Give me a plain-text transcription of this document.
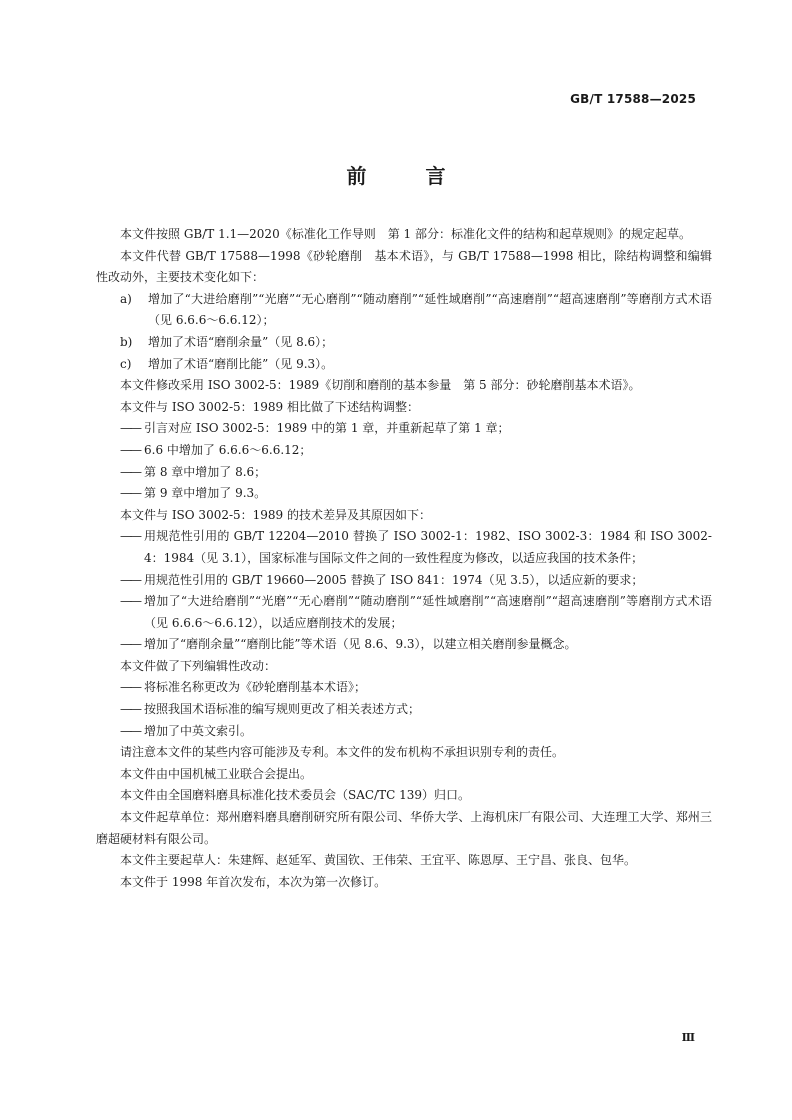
GB/T 17588—2025
前 言

本文件按照 GB/T 1.1—2020《标准化工作导则　第 1 部分：标准化文件的结构和起草规则》的规定起草。

本文件代替 GB/T 17588—1998《砂轮磨削　基本术语》，与 GB/T 17588—1998 相比，除结构调整和编辑性改动外，主要技术变化如下：

a)	增加了“大进给磨削”“光磨”“无心磨削”“随动磨削”“延性域磨削”“高速磨削”“超高速磨削”等磨削方式术语（见 6.6.6～6.6.12）；
b)	增加了术语“磨削余量”（见 8.6）；
c)	增加了术语“磨削比能”（见 9.3）。

本文件修改采用 ISO 3002-5：1989《切削和磨削的基本参量　第 5 部分：砂轮磨削基本术语》。

本文件与 ISO 3002-5：1989 相比做了下述结构调整：

—— 引言对应 ISO 3002-5：1989 中的第 1 章，并重新起草了第 1 章；
—— 6.6 中增加了 6.6.6～6.6.12；
—— 第 8 章中增加了 8.6；
—— 第 9 章中增加了 9.3。

本文件与 ISO 3002-5：1989 的技术差异及其原因如下：

—— 用规范性引用的 GB/T 12204—2010 替换了 ISO 3002-1：1982、ISO 3002-3：1984 和 ISO 3002-4：1984（见 3.1），国家标准与国际文件之间的一致性程度为修改，以适应我国的技术条件；
—— 用规范性引用的 GB/T 19660—2005 替换了 ISO 841：1974（见 3.5），以适应新的要求；
—— 增加了“大进给磨削”“光磨”“无心磨削”“随动磨削”“延性域磨削”“高速磨削”“超高速磨削”等磨削方式术语（见 6.6.6～6.6.12），以适应磨削技术的发展；
—— 增加了“磨削余量”“磨削比能”等术语（见 8.6、9.3），以建立相关磨削参量概念。

本文件做了下列编辑性改动：

—— 将标准名称更改为《砂轮磨削基本术语》；
—— 按照我国术语标准的编写规则更改了相关表述方式；
—— 增加了中英文索引。

请注意本文件的某些内容可能涉及专利。本文件的发布机构不承担识别专利的责任。

本文件由中国机械工业联合会提出。

本文件由全国磨料磨具标准化技术委员会（SAC/TC 139）归口。

本文件起草单位：郑州磨料磨具磨削研究所有限公司、华侨大学、上海机床厂有限公司、大连理工大学、郑州三磨超硬材料有限公司。

本文件主要起草人：朱建辉、赵延军、黄国钦、王伟荣、王宜平、陈恩厚、王宁昌、张良、包华。

本文件于 1998 年首次发布，本次为第一次修订。

Ⅲ
